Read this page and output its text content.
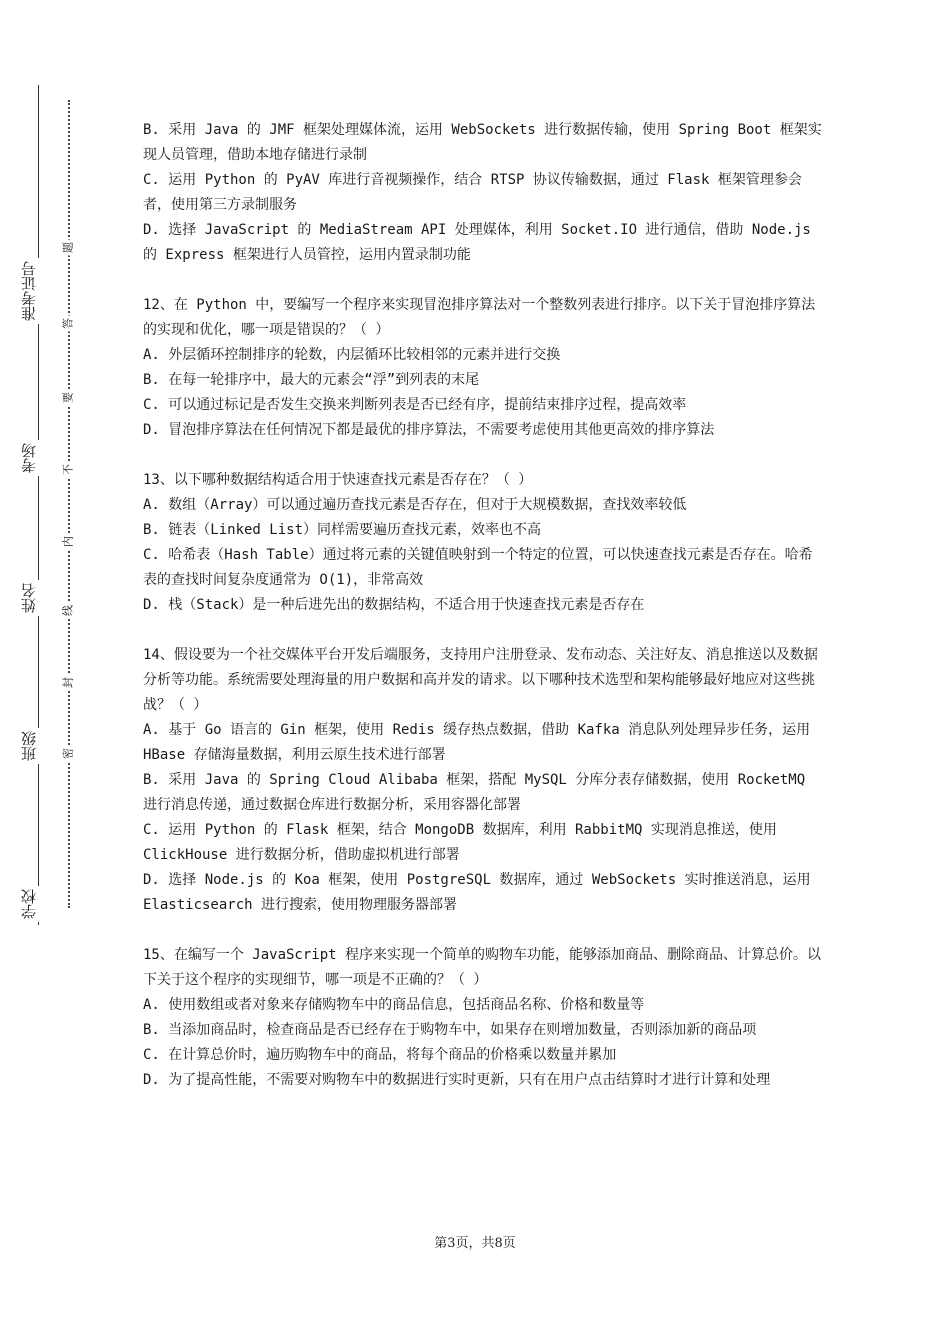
准考证号
考场
姓名
班级
学校
题
答
要
不
内
线
封
密

B. 采用 Java 的 JMF 框架处理媒体流，运用 WebSockets 进行数据传输，使用 Spring Boot 框架实现人员管理，借助本地存储进行录制

C. 运用 Python 的 PyAV 库进行音视频操作，结合 RTSP 协议传输数据，通过 Flask 框架管理参会者，使用第三方录制服务

D. 选择 JavaScript 的 MediaStream API 处理媒体，利用 Socket.IO 进行通信，借助 Node.js 的 Express 框架进行人员管控，运用内置录制功能

12、在 Python 中，要编写一个程序来实现冒泡排序算法对一个整数列表进行排序。以下关于冒泡排序算法的实现和优化，哪一项是错误的？（ ）

A. 外层循环控制排序的轮数，内层循环比较相邻的元素并进行交换

B. 在每一轮排序中，最大的元素会“浮”到列表的末尾

C. 可以通过标记是否发生交换来判断列表是否已经有序，提前结束排序过程，提高效率

D. 冒泡排序算法在任何情况下都是最优的排序算法，不需要考虑使用其他更高效的排序算法

13、以下哪种数据结构适合用于快速查找元素是否存在？（ ）

A. 数组（Array）可以通过遍历查找元素是否存在，但对于大规模数据，查找效率较低

B. 链表（Linked List）同样需要遍历查找元素，效率也不高

C. 哈希表（Hash Table）通过将元素的关键值映射到一个特定的位置，可以快速查找元素是否存在。哈希表的查找时间复杂度通常为 O(1)，非常高效

D. 栈（Stack）是一种后进先出的数据结构，不适合用于快速查找元素是否存在

14、假设要为一个社交媒体平台开发后端服务，支持用户注册登录、发布动态、关注好友、消息推送以及数据分析等功能。系统需要处理海量的用户数据和高并发的请求。以下哪种技术选型和架构能够最好地应对这些挑战？（ ）

A. 基于 Go 语言的 Gin 框架，使用 Redis 缓存热点数据，借助 Kafka 消息队列处理异步任务，运用 HBase 存储海量数据，利用云原生技术进行部署

B. 采用 Java 的 Spring Cloud Alibaba 框架，搭配 MySQL 分库分表存储数据，使用 RocketMQ 进行消息传递，通过数据仓库进行数据分析，采用容器化部署

C. 运用 Python 的 Flask 框架，结合 MongoDB 数据库，利用 RabbitMQ 实现消息推送，使用 ClickHouse 进行数据分析，借助虚拟机进行部署

D. 选择 Node.js 的 Koa 框架，使用 PostgreSQL 数据库，通过 WebSockets 实时推送消息，运用 Elasticsearch 进行搜索，使用物理服务器部署

15、在编写一个 JavaScript 程序来实现一个简单的购物车功能，能够添加商品、删除商品、计算总价。以下关于这个程序的实现细节，哪一项是不正确的？（ ）

A. 使用数组或者对象来存储购物车中的商品信息，包括商品名称、价格和数量等

B. 当添加商品时，检查商品是否已经存在于购物车中，如果存在则增加数量，否则添加新的商品项

C. 在计算总价时，遍历购物车中的商品，将每个商品的价格乘以数量并累加

D. 为了提高性能，不需要对购物车中的数据进行实时更新，只有在用户点击结算时才进行计算和处理

第3页，共8页
